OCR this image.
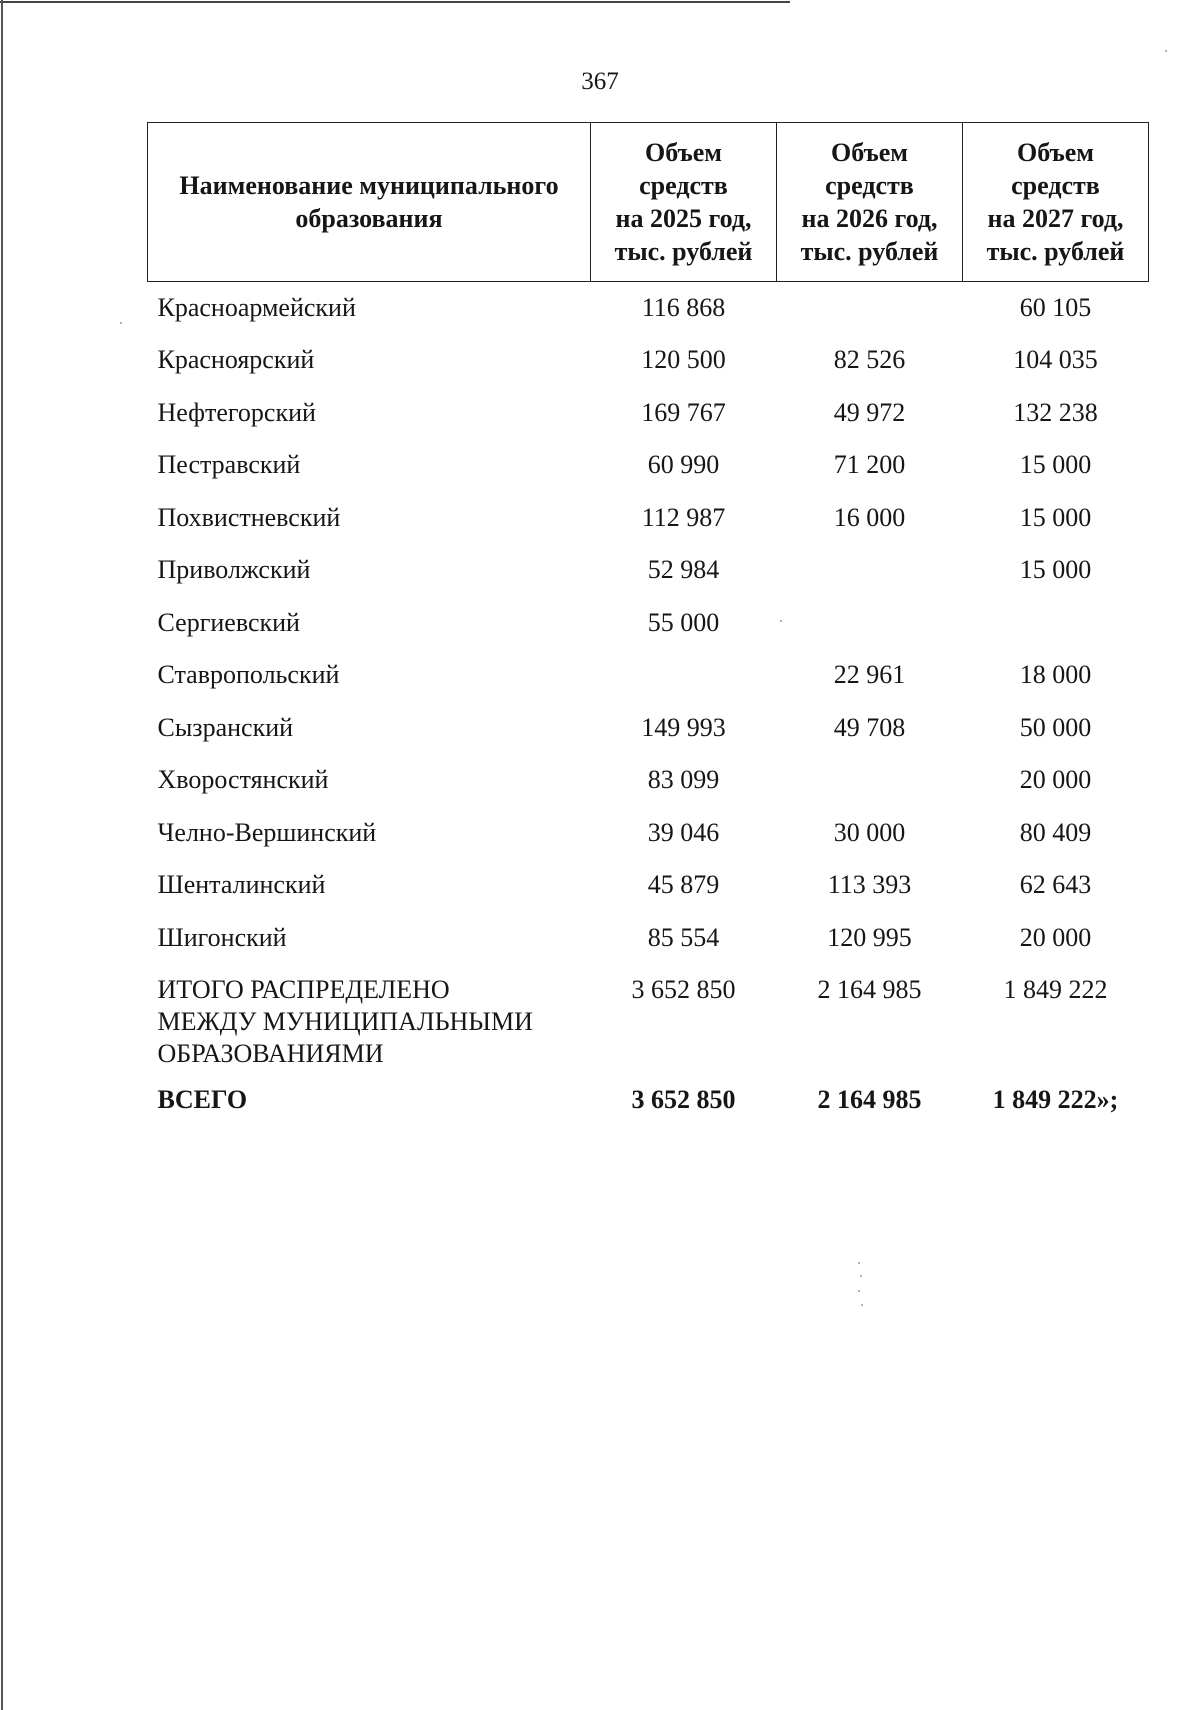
367
Наименование муниципального
образования	Объем
средств
на 2025 год,
тыс. рублей	Объем
средств
на 2026 год,
тыс. рублей	Объем
средств
на 2027 год,
тыс. рублей

Красноармейский	116 868		60 105
Красноярский	120 500	82 526	104 035
Нефтегорский	169 767	49 972	132 238
Пестравский	60 990	71 200	15 000
Похвистневский	112 987	16 000	15 000
Приволжский	52 984		15 000
Сергиевский	55 000		
Ставропольский		22 961	18 000
Сызранский	149 993	49 708	50 000
Хворостянский	83 099		20 000
Челно-Вершинский	39 046	30 000	80 409
Шенталинский	45 879	113 393	62 643
Шигонский	85 554	120 995	20 000
ИТОГО РАСПРЕДЕЛЕНО
МЕЖДУ МУНИЦИПАЛЬНЫМИ
ОБРАЗОВАНИЯМИ	3 652 850	2 164 985	1 849 222
ВСЕГО	3 652 850	2 164 985	1 849 222»;
